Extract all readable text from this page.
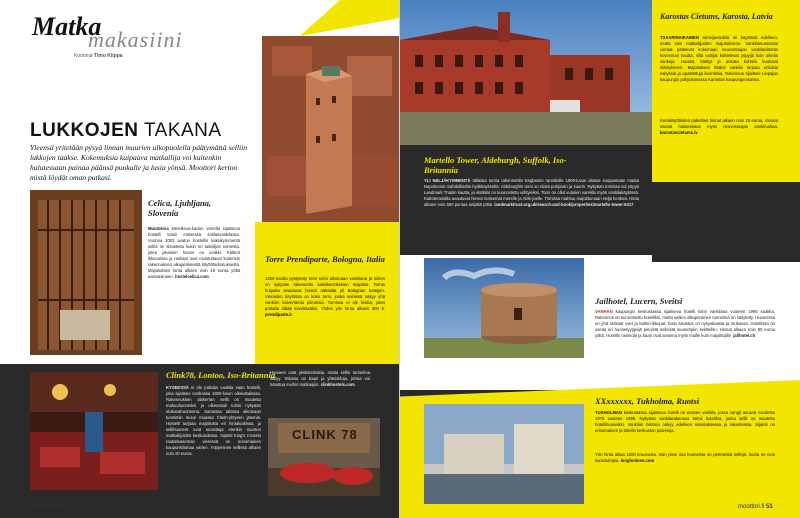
Matka
makasiini
Koonnut Timo Kiippa
LUKKOJEN TAKANA
Yleensä yritetään pysyä linnan muurien ulkopuolella päätymättä selliin lukkojen taakse. Kokemuksia kaipaava matkailija voi kuitenkin halutessaan painaa päänsä punkalle ja lusia yönsä. Moottori kertoo mistä löydät oman putkasi.
Celica, Ljubljana, Slovenia
Muutoksia Metelkova-kadun varrella sijaitseva hostelli toimii entisessä sotilasvankilassa. Vuonna 2003 avatun hostellin kaksikymmentä selliä on sisustettu kukin eri taiteilijan toimesta, joten jokainen huone on uniikki. Kalterit ikkunoissa ja raskaat ovet muistuttavat kuitenkin rakennuksen alkuperäisestä käyttötarkoituksesta. Majoituksen hinta alkaen noin 19 euroa yöltä aamiaisineen. hostelcelica.com
Torre Prendiparte, Bologna, Italia
1200-luvulla pystytetty torni toimi aikoinaan vankilana ja siihen on nykyään rakennettu kaksikerroksinen majoitus. Tornin huipulta avautuvat hienot näköalat yli Bolognan kattojen. Vieraiden käytössä on koko torni, jonka seinissä näkyy yhä vankien kaivertamia piirroksia. Tornissa ei ole hissiä, joten portaita riittää kiivettäväksi. Yhden yön hinta alkaen 300 €. prendiparte.it
Clink78, Lontoo, Iso-Britannia
KYSEESSÄ ei ole puhdas vankila vaan hostelli, joka sijaitsee vanhassa 1800-luvun oikeustalossa. Rakennuksen alakerran sellit on muutettu makuuhuoneiksi ja oikeussali toimii nykyään elokuvahuoneena. Samassa talossa aikoinaan tuomittiin muun muassa Clash-yhtyeen jäseniä. Hostelli tarjoaa majoitusta eri hintaluokissa, ja sellihuoneet ovat suosittuja etenkin nuorten matkailijoiden keskuudessa. Sijainti King's Crossin rautatieaseman vieressä on erinomainen kaupunkilomaa varten. Yöpyminen sellissä alkaen noin 20 euroa.
Huoneet ovat yksinkertaisia, mutta sellin tunnelma säilyy. Talossa on baari ja yhteistiloja, joissa voi tutustua muihin matkaajiin. clinkhostels.com
CLINK 78
50 moottori.fi
Karostas Cietums, Karosta, Latvia
TSAARINAIKAINEN armeijavankila on käytössä edelleen, mutta vain matkailijoiden majoituksena. Vankilamuseossa vieraat pääsevät kokemaan neuvostoajan vankilaelämän kovimman kautta, sillä vartijat kohtelevat yöpyjiä kuin oikeita vankeja. Huudot, käskyt ja ankara kohtelu kuuluvat elämykseen. Majoituksen lisäksi vankila tarjoaa erilaisia esityksiä ja opastettuja kierroksia. Rakennus sijaitsee Liepajan kaupungin pohjoisosassa Karostan kaupunginosassa.
Kertakäyttöisten pakettien hinnat alkaen noin 15 euroa. Vieraat saavat halutessaan myös neuvostoajan vankiruokaa. karostascietums.lv
Martello Tower, Aldeburgh, Suffolk, Iso-Britannia
YLI NELJÄKYMMENTÄ tällaista tornia rakennettiin Englannin rannikolle 1800-luvun alussa suojaamaan maata Napoleonin mahdolliselta hyökkäykseltä. Aldeburghin torni on niistä pohjoisin ja suurin. Nykyään tornissa voi yöpyä Landmark Trustin kautta, ja sisätilat on kunnostettu viihtyisiksi. Torni on ollut vuosien varrella myös vankilakäytössä. Kattoterassilta avautuvat hienot maisemat merelle ja Alde-joelle. Tornissa mahtuu majoittumaan neljä henkeä. Hinta alkaen noin 500 puntaa neljältä yöltä. landmarktrust.org.uk/search-and-book/properties/martello-tower-6317
Jailhotel, Lucern, Sveitsi
VANHAN kaupungin keskustassa sijaitseva hotelli toimi vankilana vuoteen 1998 saakka. Rakennus on kunnostettu hotelliksi, mutta sellien alkuperäinen tunnelma on säilytetty. Huoneissa on yhä raskaat ovet ja kalteri-ikkunat, tosin sisustus on nykyaikaista ja mukavaa. Hotellissa on useita eri huonetyyppejä pienistä selleistä suurempiin sviitteihin. Hinnat alkaen noin 90 euroa yöltä. Hotellin ravintola ja baari ovat avoinna myös muille kuin majoittujille. jailhotel.ch
XXxxxxxx, Tukholma, Ruotsi
TUKHOLMAN keskustassa sijaitseva hotelli on entinen vankila, jossa vangit asuivat vuodesta 1975 vuoteen 1995. Nykyään vankilarakennus toimii hotellina, jonka sellit on muutettu hotellihuoneiksi. Vankilan historia näkyy edelleen sisustuksessa ja rakenteissa. Sijainti on erinomainen ja lähellä keskustan palveluja.
Yön hinta alkaa 1000 kruunusta. Vain pieni osa huoneista on perinteisiä sellejä, mutta ne ovat suosituimpia. longholmen.com
moottori.fi 51
